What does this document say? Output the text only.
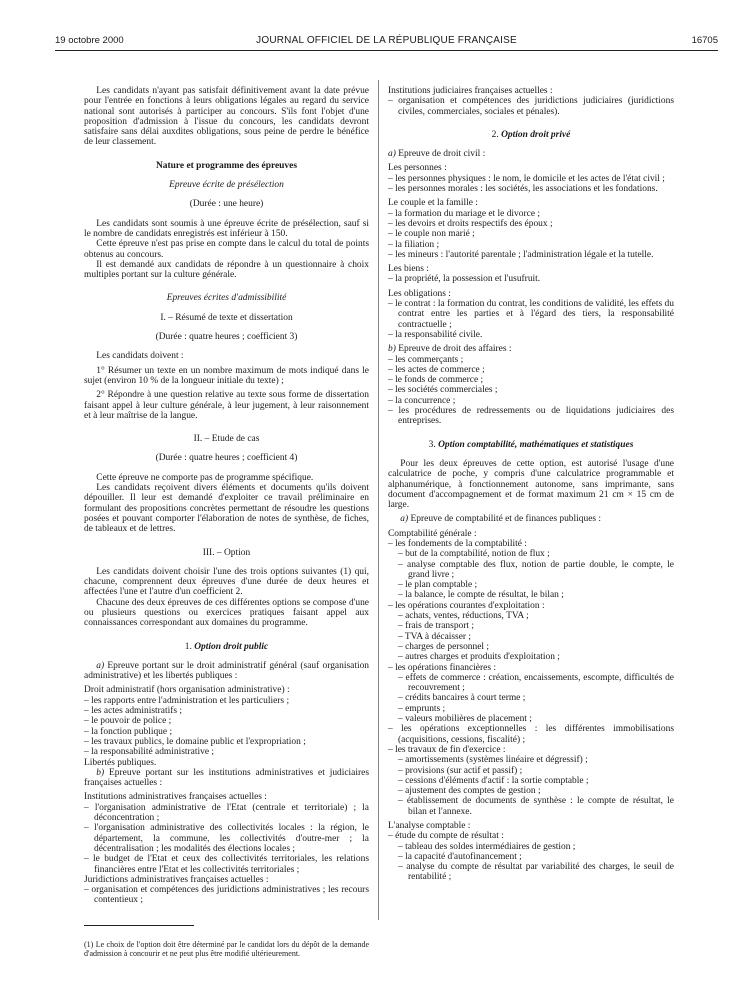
19 octobre 2000	JOURNAL OFFICIEL DE LA RÉPUBLIQUE FRANÇAISE	16705

Les candidats n'ayant pas satisfait définitivement avant la date prévue pour l'entrée en fonctions à leurs obligations légales au regard du service national sont autorisés à participer au concours. S'ils font l'objet d'une proposition d'admission à l'issue du concours, les candidats devront satisfaire sans délai auxdites obligations, sous peine de perdre le bénéfice de leur classement.

Nature et programme des épreuves

Epreuve écrite de présélection

(Durée : une heure)

Les candidats sont soumis à une épreuve écrite de présélection, sauf si le nombre de candidats enregistrés est inférieur à 150.

Cette épreuve n'est pas prise en compte dans le calcul du total de points obtenus au concours.

Il est demandé aux candidats de répondre à un questionnaire à choix multiples portant sur la culture générale.

Epreuves écrites d'admissibilité

I. – Résumé de texte et dissertation

(Durée : quatre heures ; coefficient 3)

Les candidats doivent :

1° Résumer un texte en un nombre maximum de mots indiqué dans le sujet (environ 10 % de la longueur initiale du texte) ;

2° Répondre à une question relative au texte sous forme de dissertation faisant appel à leur culture générale, à leur jugement, à leur raisonnement et à leur maîtrise de la langue.

II. – Etude de cas

(Durée : quatre heures ; coefficient 4)

Cette épreuve ne comporte pas de programme spécifique.

Les candidats reçoivent divers éléments et documents qu'ils doivent dépouiller. Il leur est demandé d'exploiter ce travail préliminaire en formulant des propositions concrètes permettant de résoudre les questions posées et pouvant comporter l'élaboration de notes de synthèse, de fiches, de tableaux et de lettres.

III. – Option

Les candidats doivent choisir l'une des trois options suivantes (1) qui, chacune, comprennent deux épreuves d'une durée de deux heures et affectées l'une et l'autre d'un coefficient 2.

Chacune des deux épreuves de ces différentes options se compose d'une ou plusieurs questions ou exercices pratiques faisant appel aux connaissances correspondant aux domaines du programme.

1. Option droit public

a) Epreuve portant sur le droit administratif général (sauf organisation administrative) et les libertés publiques :

Droit administratif (hors organisation administrative) :

– les rapports entre l'administration et les particuliers ;

– les actes administratifs ;

– le pouvoir de police ;

– la fonction publique ;

– les travaux publics, le domaine public et l'expropriation ;

– la responsabilité administrative ;

Libertés publiques.

b) Epreuve portant sur les institutions administratives et judiciaires françaises actuelles :

Institutions administratives françaises actuelles :

– l'organisation administrative de l'Etat (centrale et territoriale) ; la déconcentration ;

– l'organisation administrative des collectivités locales : la région, le département, la commune, les collectivités d'outre-mer ; la décentralisation ; les modalités des élections locales ;

– le budget de l'Etat et ceux des collectivités territoriales, les relations financières entre l'Etat et les collectivités territoriales ;

Juridictions administratives françaises actuelles :

– organisation et compétences des juridictions administratives ; les recours contentieux ;

(1) Le choix de l'option doit être déterminé par le candidat lors du dépôt de la demande d'admission à concourir et ne peut plus être modifié ultérieurement.

Institutions judiciaires françaises actuelles :

– organisation et compétences des juridictions judiciaires (juridictions civiles, commerciales, sociales et pénales).

2. Option droit privé

a) Epreuve de droit civil :

Les personnes :

– les personnes physiques : le nom, le domicile et les actes de l'état civil ;

– les personnes morales : les sociétés, les associations et les fondations.

Le couple et la famille :

– la formation du mariage et le divorce ;

– les devoirs et droits respectifs des époux ;

– le couple non marié ;

– la filiation ;

– les mineurs : l'autorité parentale ; l'administration légale et la tutelle.

Les biens :

– la propriété, la possession et l'usufruit.

Les obligations :

– le contrat : la formation du contrat, les conditions de validité, les effets du contrat entre les parties et à l'égard des tiers, la responsabilité contractuelle ;

– la responsabilité civile.

b) Epreuve de droit des affaires :

– les commerçants ;

– les actes de commerce ;

– le fonds de commerce ;

– les sociétés commerciales ;

– la concurrence ;

– les procédures de redressements ou de liquidations judiciaires des entreprises.

3. Option comptabilité, mathématiques et statistiques

Pour les deux épreuves de cette option, est autorisé l'usage d'une calculatrice de poche, y compris d'une calculatrice programmable et alphanumérique, à fonctionnement autonome, sans imprimante, sans document d'accompagnement et de format maximum 21 cm × 15 cm de large.

a) Epreuve de comptabilité et de finances publiques :

Comptabilité générale :

– les fondements de la comptabilité :

– but de la comptabilité, notion de flux ;

– analyse comptable des flux, notion de partie double, le compte, le grand livre ;

– le plan comptable ;

– la balance, le compte de résultat, le bilan ;

– les opérations courantes d'exploitation :

– achats, ventes, réductions, TVA ;

– frais de transport ;

– TVA à décaisser ;

– charges de personnel ;

– autres charges et produits d'exploitation ;

– les opérations financières :

– effets de commerce : création, encaissements, escompte, difficultés de recouvrement ;

– crédits bancaires à court terme ;

– emprunts ;

– valeurs mobilières de placement ;

– les opérations exceptionnelles : les différentes immobilisations (acquisitions, cessions, fiscalité) ;

– les travaux de fin d'exercice :

– amortissements (systèmes linéaire et dégressif) ;

– provisions (sur actif et passif) ;

– cessions d'éléments d'actif : la sortie comptable ;

– ajustement des comptes de gestion ;

– établissement de documents de synthèse : le compte de résultat, le bilan et l'annexe.

L'analyse comptable :

– étude du compte de résultat :

– tableau des soldes intermédiaires de gestion ;

– la capacité d'autofinancement ;

– analyse du compte de résultat par variabilité des charges, le seuil de rentabilité ;
